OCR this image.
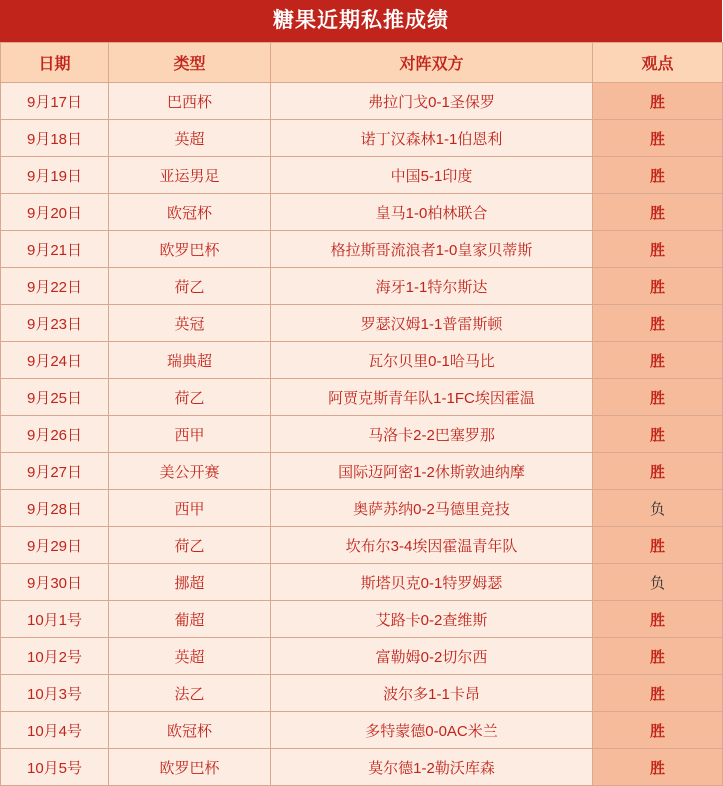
糖果近期私推成绩
日期	类型	对阵双方	观点
9月17日	巴西杯	弗拉门戈0-1圣保罗	胜
9月18日	英超	诺丁汉森林1-1伯恩利	胜
9月19日	亚运男足	中国5-1印度	胜
9月20日	欧冠杯	皇马1-0柏林联合	胜
9月21日	欧罗巴杯	格拉斯哥流浪者1-0皇家贝蒂斯	胜
9月22日	荷乙	海牙1-1特尔斯达	胜
9月23日	英冠	罗瑟汉姆1-1普雷斯顿	胜
9月24日	瑞典超	瓦尔贝里0-1哈马比	胜
9月25日	荷乙	阿贾克斯青年队1-1FC埃因霍温	胜
9月26日	西甲	马洛卡2-2巴塞罗那	胜
9月27日	美公开赛	国际迈阿密1-2休斯敦迪纳摩	胜
9月28日	西甲	奥萨苏纳0-2马德里竞技	负
9月29日	荷乙	坎布尔3-4埃因霍温青年队	胜
9月30日	挪超	斯塔贝克0-1特罗姆瑟	负
10月1号	葡超	艾路卡0-2查维斯	胜
10月2号	英超	富勒姆0-2切尔西	胜
10月3号	法乙	波尔多1-1卡昂	胜
10月4号	欧冠杯	多特蒙德0-0AC米兰	胜
10月5号	欧罗巴杯	莫尔德1-2勒沃库森	胜
